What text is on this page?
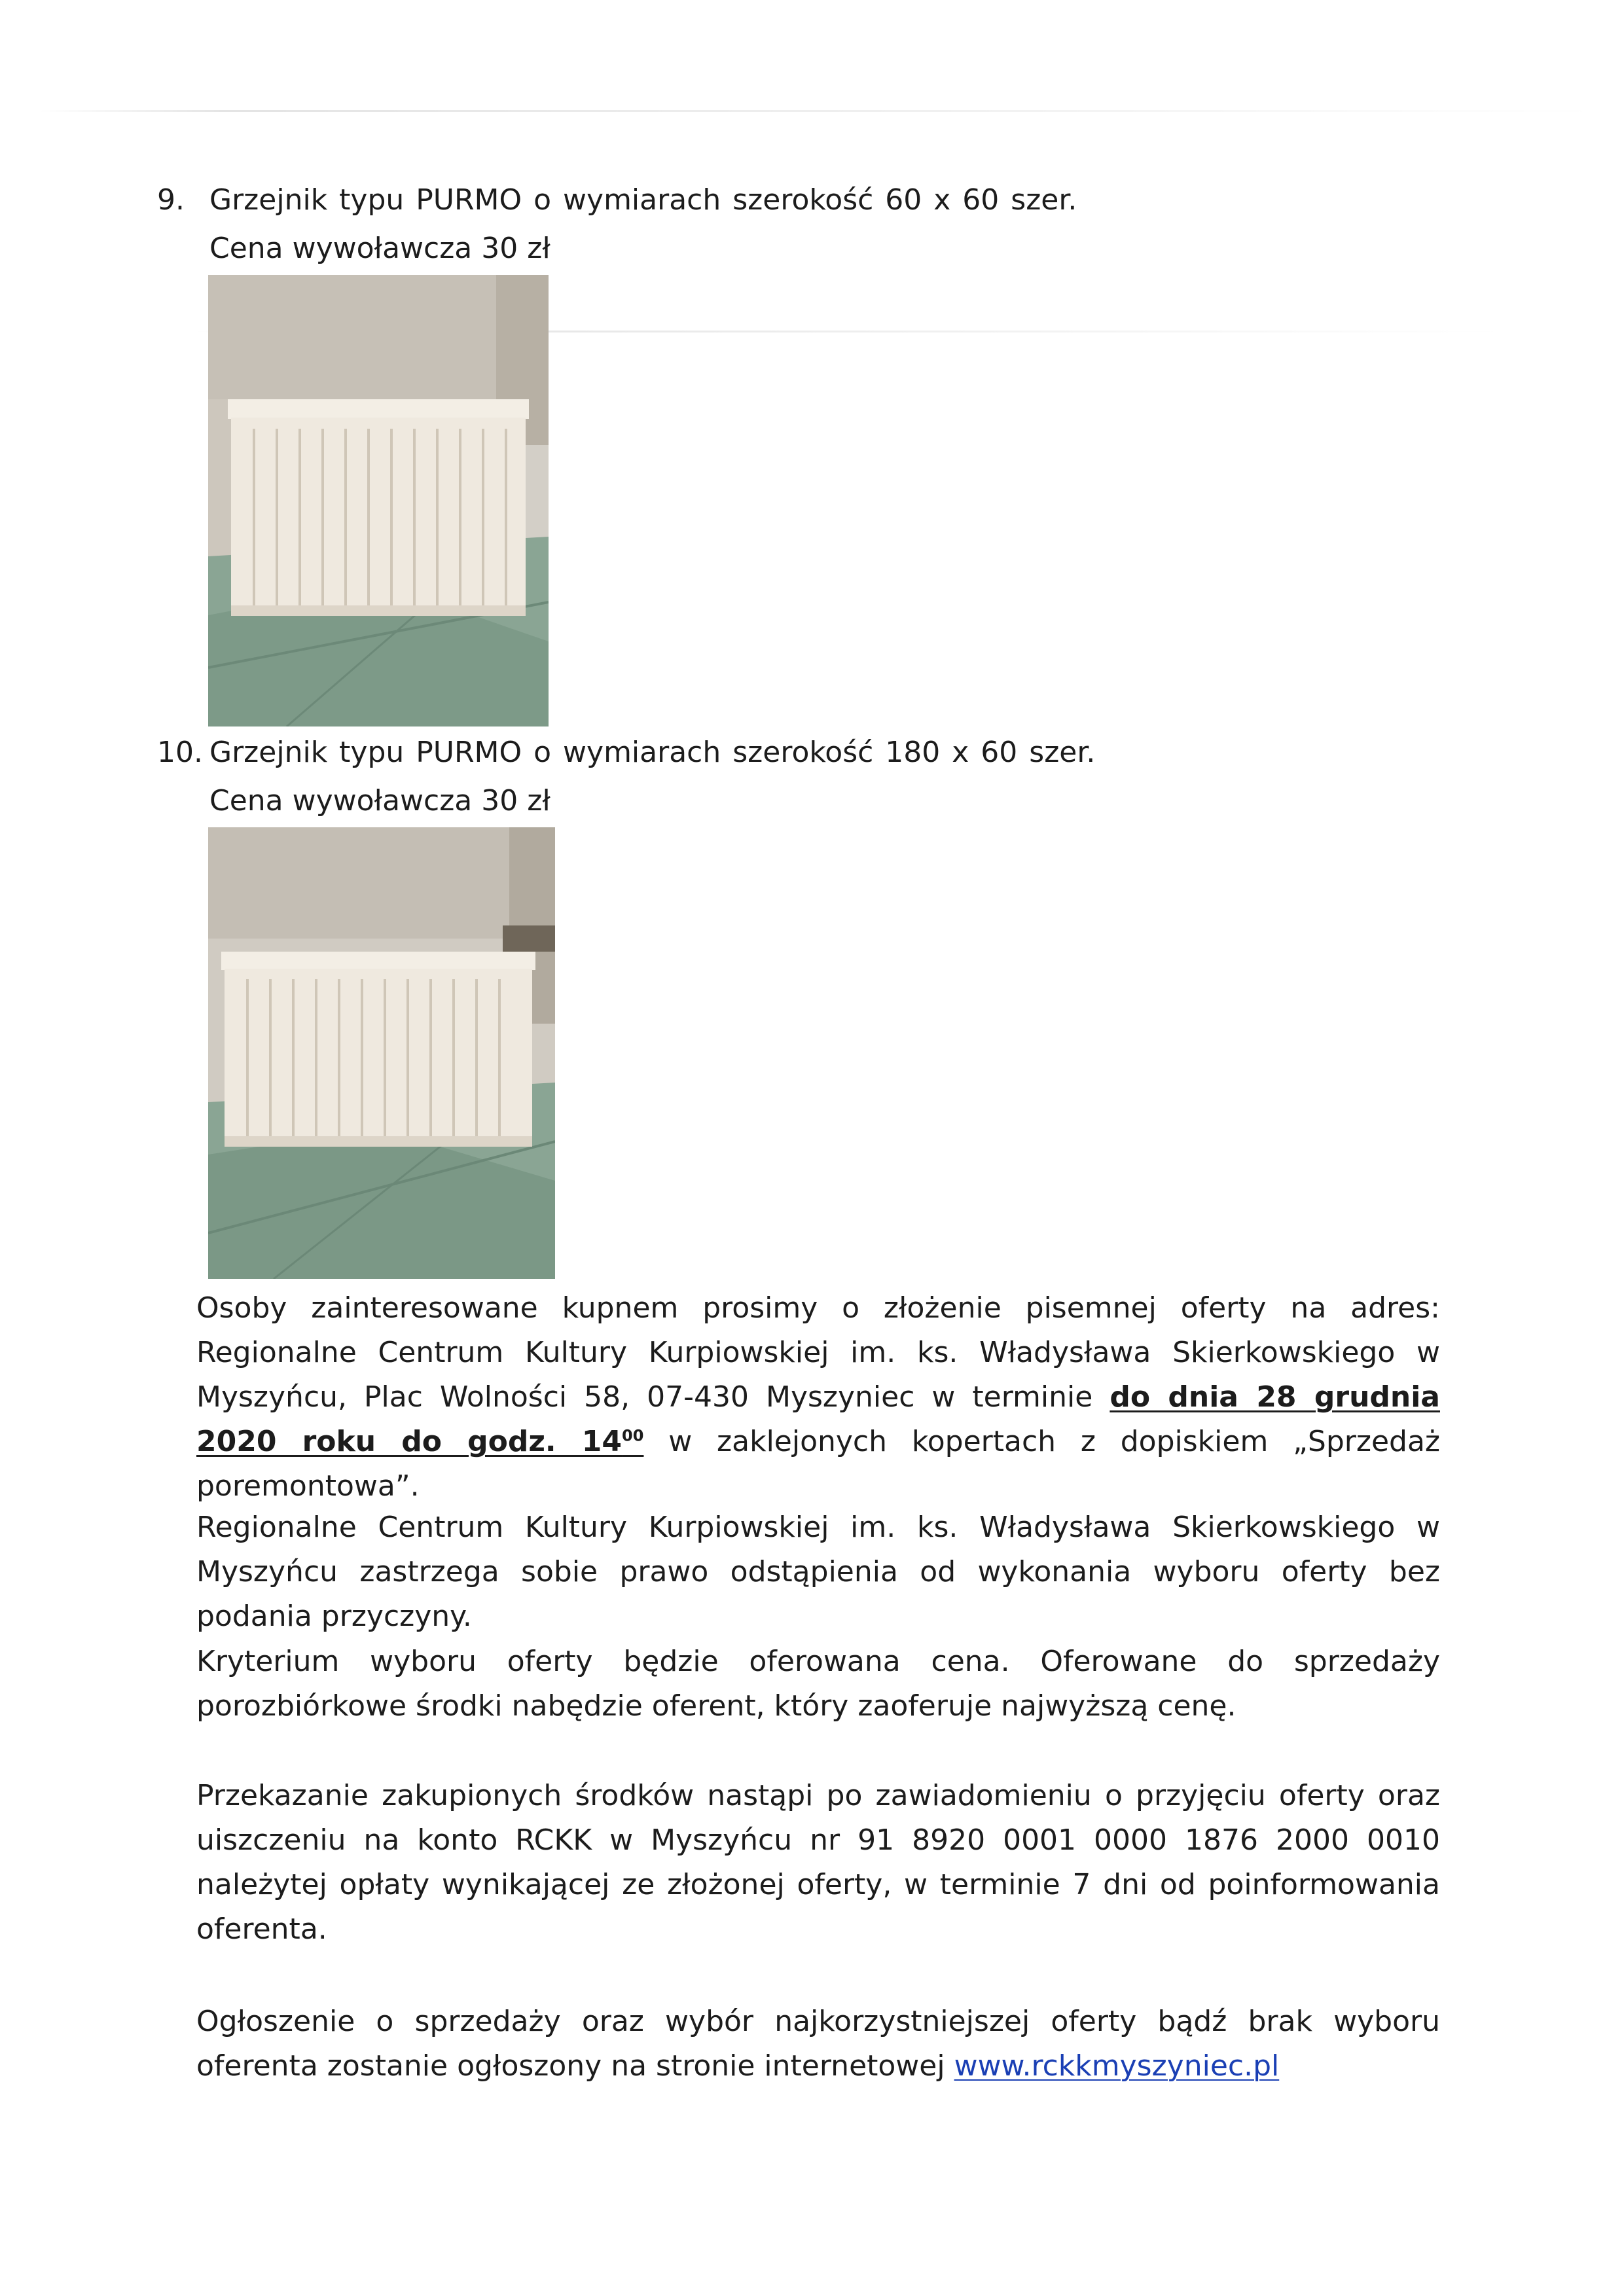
9. Grzejnik typu PURMO o wymiarach szerokość 60 x 60 szer.
Cena wywoławcza 30 zł
10. Grzejnik typu PURMO o wymiarach szerokość 180 x 60 szer.
Cena wywoławcza 30 zł

Osoby zainteresowane kupnem prosimy o złożenie pisemnej oferty na adres: Regionalne Centrum Kultury Kurpiowskiej im. ks. Władysława Skierkowskiego w Myszyńcu, Plac Wolności 58, 07-430 Myszyniec w terminie do dnia 28 grudnia 2020 roku do godz. $14^{00}$ w zaklejonych kopertach z dopiskiem „Sprzedaż poremontowa”.

Regionalne Centrum Kultury Kurpiowskiej im. ks. Władysława Skierkowskiego w Myszyńcu zastrzega sobie prawo odstąpienia od wykonania wyboru oferty bez podania przyczyny.

Kryterium wyboru oferty będzie oferowana cena. Oferowane do sprzedaży porozbiórkowe środki nabędzie oferent, który zaoferuje najwyższą cenę.

Przekazanie zakupionych środków nastąpi po zawiadomieniu o przyjęciu oferty oraz uiszczeniu na konto RCKK w Myszyńcu nr 91 8920 0001 0000 1876 2000 0010 należytej opłaty wynikającej ze złożonej oferty, w terminie 7 dni od poinformowania oferenta.

Ogłoszenie o sprzedaży oraz wybór najkorzystniejszej oferty bądź brak wyboru oferenta zostanie ogłoszony na stronie internetowej www.rckkmyszyniec.pl
